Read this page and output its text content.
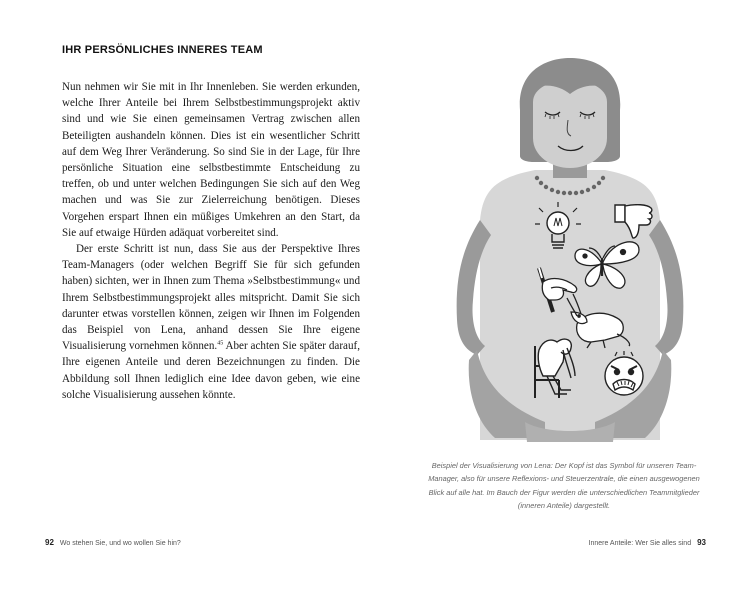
IHR PERSÖNLICHES INNERES TEAM

Nun nehmen wir Sie mit in Ihr Innenleben. Sie werden erkunden, welche Ihrer Anteile bei Ihrem Selbstbestimmungsprojekt aktiv sind und wie Sie einen gemeinsamen Vertrag zwischen allen Beteiligten aushandeln können. Dies ist ein wesentlicher Schritt auf dem Weg Ihrer Veränderung. So sind Sie in der Lage, für Ihre persönliche Situation eine selbstbestimmte Entscheidung zu treffen, ob und unter welchen Bedingungen Sie sich auf den Weg machen und was Sie zur Zielerreichung benötigen. Dieses Vorgehen erspart Ihnen ein müßiges Umkehren an den Start, da Sie auf etwaige Hürden adäquat vorbereitet sind.

Der erste Schritt ist nun, dass Sie aus der Perspektive Ihres Team-Managers (oder welchen Begriff Sie für sich gefunden haben) sichten, wer in Ihnen zum Thema »Selbstbestimmung« und Ihrem Selbstbestimmungsprojekt alles mitspricht. Damit Sie sich darunter etwas vorstellen können, zeigen wir Ihnen im Folgenden das Beispiel von Lena, anhand dessen Sie Ihre eigene Visualisierung vornehmen können.$^{45}$ Aber achten Sie später darauf, Ihre eigenen Anteile und deren Bezeichnungen zu finden. Die Abbildung soll Ihnen lediglich eine Idee davon geben, wie eine solche Visualisierung aussehen könnte.

92 Wo stehen Sie, und wo wollen Sie hin?
Beispiel der Visualisierung von Lena: Der Kopf ist das Symbol für unseren Team-Manager, also für unsere Reflexions- und Steuerzentrale, die einen ausgewogenen Blick auf alle hat. Im Bauch der Figur werden die unterschiedlichen Teammitglieder (inneren Anteile) dargestellt.
Innere Anteile: Wer Sie alles sind 93
